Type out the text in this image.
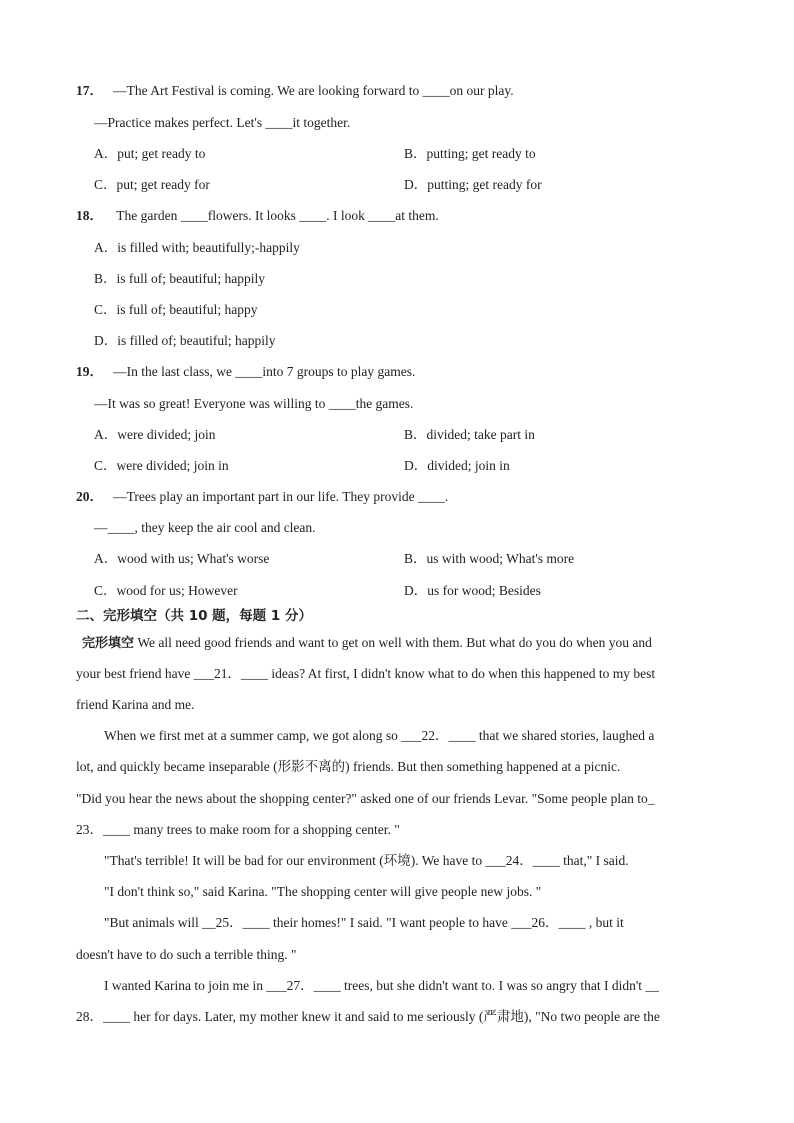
17． —The Art Festival is coming. We are looking forward to ____on our play.
—Practice makes perfect. Let's ____it together.
A．put; get ready to	B．putting; get ready to
C．put; get ready for	D．putting; get ready for
18．    The garden ____flowers. It looks ____. I look ____at them.
A．is filled with; beautifully;-happily
B．is full of; beautiful; happily
C．is full of; beautiful; happy
D．is filled of; beautiful; happily
19． —In the last class, we ____into 7 groups to play games.
—It was so great! Everyone was willing to ____the games.
A．were divided; join	B．divided; take part in
C．were divided; join in	D．divided; join in
20． —Trees play an important part in our life. They provide ____.
—____, they keep the air cool and clean.
A．wood with us; What's worse	B．us with wood; What's more
C．wood for us; However	D．us for wood; Besides
二、完形填空（共 10 题，每题 1 分）
完形填空 We all need good friends and want to get on well with them. But what do you do when you and
your best friend have ___21．____ ideas? At first, I didn't know what to do when this happened to my best
friend Karina and me.
When we first met at a summer camp, we got along so ___22．____ that we shared stories, laughed a
lot, and quickly became inseparable (形影不离的) friends. But then something happened at a picnic.
"Did you hear the news about the shopping center?" asked one of our friends Levar. "Some people plan to_
23．____ many trees to make room for a shopping center. "
"That's terrible! It will be bad for our environment (环境). We have to ___24．____ that," I said.
"I don't think so," said Karina. "The shopping center will give people new jobs. "
"But animals will __25．____ their homes!" I said. "I want people to have ___26．____ , but it
doesn't have to do such a terrible thing. "
I wanted Karina to join me in ___27．____ trees, but she didn't want to. I was so angry that I didn't __
28．____ her for days. Later, my mother knew it and said to me seriously (严肃地), "No two people are the
